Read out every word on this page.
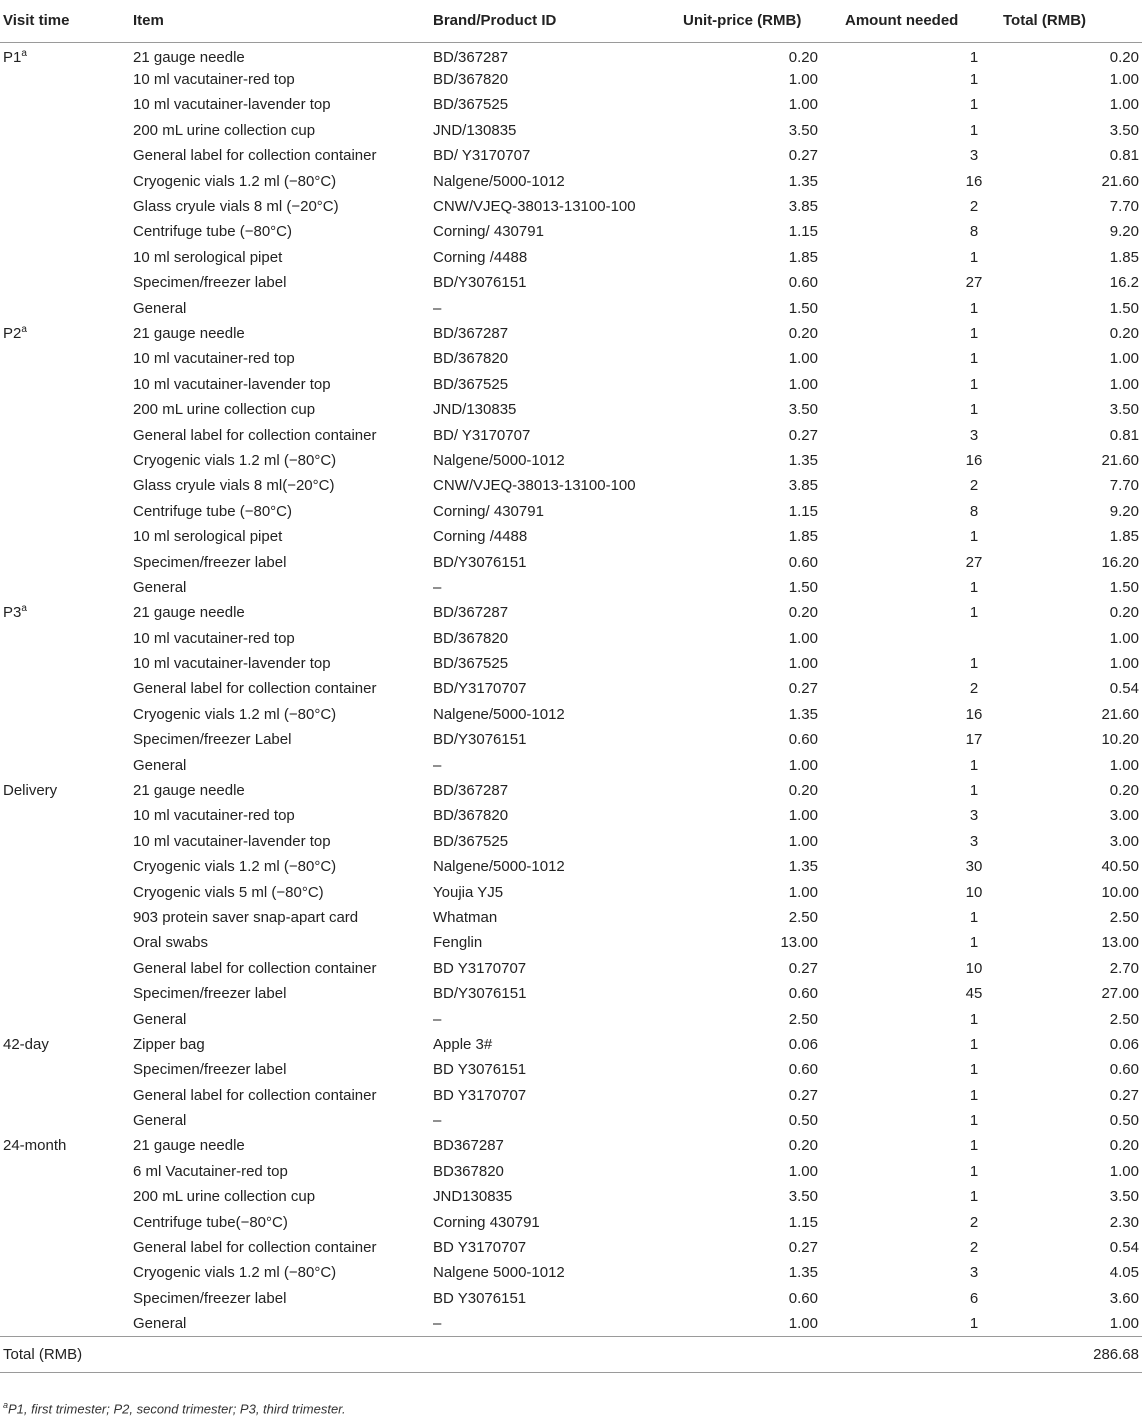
Visit time	Item	Brand/Product ID	Unit-price (RMB)	Amount needed	Total (RMB)
P1$^a$	21 gauge needle	BD/367287	0.20	1	0.20
	10 ml vacutainer-red top	BD/367820	1.00	1	1.00
	10 ml vacutainer-lavender top	BD/367525	1.00	1	1.00
	200 mL urine collection cup	JND/130835	3.50	1	3.50
	General label for collection container	BD/ Y3170707	0.27	3	0.81
	Cryogenic vials 1.2 ml (−80°C)	Nalgene/5000-1012	1.35	16	21.60
	Glass cryule vials 8 ml (−20°C)	CNW/VJEQ-38013-13100-100	3.85	2	7.70
	Centrifuge tube (−80°C)	Corning/ 430791	1.15	8	9.20
	10 ml serological pipet	Corning /4488	1.85	1	1.85
	Specimen/freezer label	BD/Y3076151	0.60	27	16.2
	General	–	1.50	1	1.50
P2$^a$	21 gauge needle	BD/367287	0.20	1	0.20
	10 ml vacutainer-red top	BD/367820	1.00	1	1.00
	10 ml vacutainer-lavender top	BD/367525	1.00	1	1.00
	200 mL urine collection cup	JND/130835	3.50	1	3.50
	General label for collection container	BD/ Y3170707	0.27	3	0.81
	Cryogenic vials 1.2 ml (−80°C)	Nalgene/5000-1012	1.35	16	21.60
	Glass cryule vials 8 ml(−20°C)	CNW/VJEQ-38013-13100-100	3.85	2	7.70
	Centrifuge tube (−80°C)	Corning/ 430791	1.15	8	9.20
	10 ml serological pipet	Corning /4488	1.85	1	1.85
	Specimen/freezer label	BD/Y3076151	0.60	27	16.20
	General	–	1.50	1	1.50
P3$^a$	21 gauge needle	BD/367287	0.20	1	0.20
	10 ml vacutainer-red top	BD/367820	1.00		1.00
	10 ml vacutainer-lavender top	BD/367525	1.00	1	1.00
	General label for collection container	BD/Y3170707	0.27	2	0.54
	Cryogenic vials 1.2 ml (−80°C)	Nalgene/5000-1012	1.35	16	21.60
	Specimen/freezer Label	BD/Y3076151	0.60	17	10.20
	General	–	1.00	1	1.00
Delivery	21 gauge needle	BD/367287	0.20	1	0.20
	10 ml vacutainer-red top	BD/367820	1.00	3	3.00
	10 ml vacutainer-lavender top	BD/367525	1.00	3	3.00
	Cryogenic vials 1.2 ml (−80°C)	Nalgene/5000-1012	1.35	30	40.50
	Cryogenic vials 5 ml (−80°C)	Youjia YJ5	1.00	10	10.00
	903 protein saver snap-apart card	Whatman	2.50	1	2.50
	Oral swabs	Fenglin	13.00	1	13.00
	General label for collection container	BD Y3170707	0.27	10	2.70
	Specimen/freezer label	BD/Y3076151	0.60	45	27.00
	General	–	2.50	1	2.50
42-day	Zipper bag	Apple 3#	0.06	1	0.06
	Specimen/freezer label	BD Y3076151	0.60	1	0.60
	General label for collection container	BD Y3170707	0.27	1	0.27
	General	–	0.50	1	0.50
24-month	21 gauge needle	BD367287	0.20	1	0.20
	6 ml Vacutainer-red top	BD367820	1.00	1	1.00
	200 mL urine collection cup	JND130835	3.50	1	3.50
	Centrifuge tube(−80°C)	Corning 430791	1.15	2	2.30
	General label for collection container	BD Y3170707	0.27	2	0.54
	Cryogenic vials 1.2 ml (−80°C)	Nalgene 5000-1012	1.35	3	4.05
	Specimen/freezer label	BD Y3076151	0.60	6	3.60
	General	–	1.00	1	1.00
Total (RMB)					286.68
$^a$P1, first trimester; P2, second trimester; P3, third trimester.
